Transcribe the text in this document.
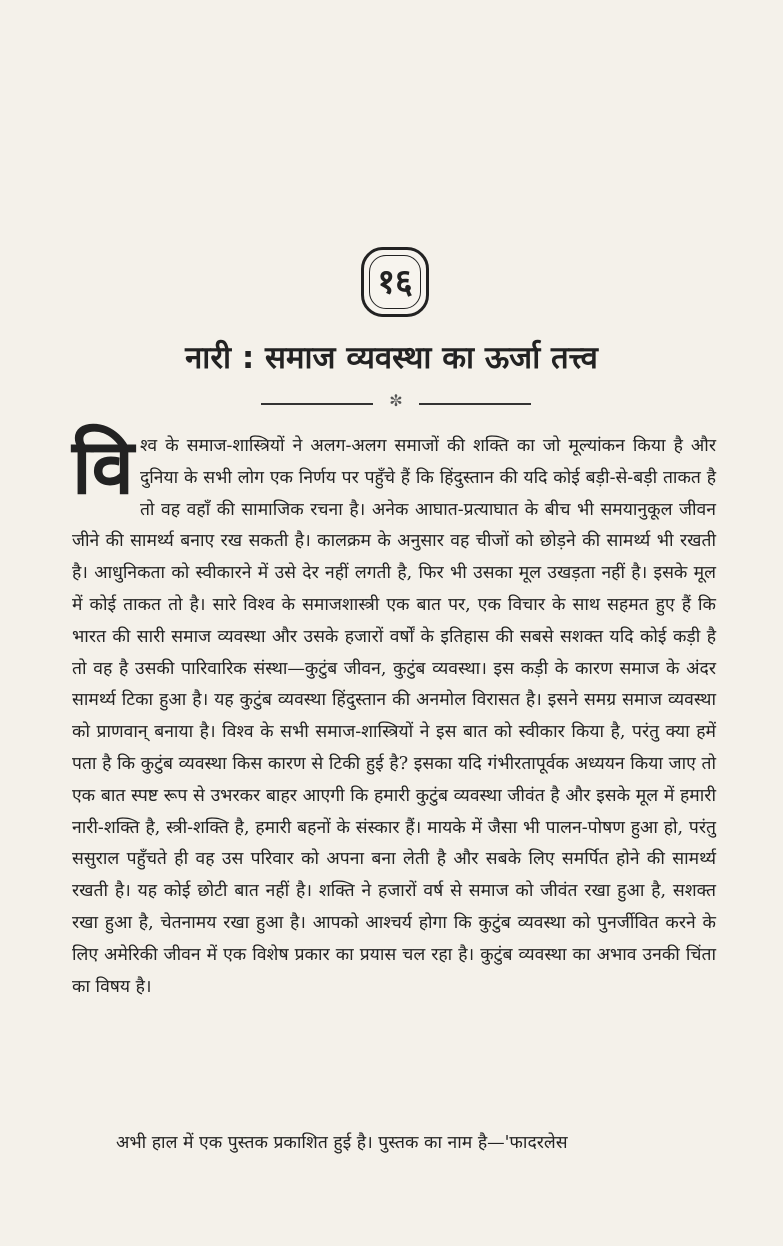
१६
नारी : समाज व्यवस्था का ऊर्जा तत्त्व
✼
विश्व के समाज-शास्त्रियों ने अलग-अलग समाजों की शक्ति का जो मूल्यांकन किया है और दुनिया के सभी लोग एक निर्णय पर पहुँचे हैं कि हिंदुस्तान की यदि कोई बड़ी-से-बड़ी ताकत है तो वह वहाँ की सामाजिक रचना है। अनेक आघात-प्रत्याघात के बीच भी समयानुकूल जीवन जीने की सामर्थ्य बनाए रख सकती है। कालक्रम के अनुसार वह चीजों को छोड़ने की सामर्थ्य भी रखती है। आधुनिकता को स्वीकारने में उसे देर नहीं लगती है, फिर भी उसका मूल उखड़ता नहीं है। इसके मूल में कोई ताकत तो है। सारे विश्व के समाजशास्त्री एक बात पर, एक विचार के साथ सहमत हुए हैं कि भारत की सारी समाज व्यवस्था और उसके हजारों वर्षों के इतिहास की सबसे सशक्त यदि कोई कड़ी है तो वह है उसकी पारिवारिक संस्था—कुटुंब जीवन, कुटुंब व्यवस्था। इस कड़ी के कारण समाज के अंदर सामर्थ्य टिका हुआ है। यह कुटुंब व्यवस्था हिंदुस्तान की अनमोल विरासत है। इसने समग्र समाज व्यवस्था को प्राणवान् बनाया है। विश्व के सभी समाज-शास्त्रियों ने इस बात को स्वीकार किया है, परंतु क्या हमें पता है कि कुटुंब व्यवस्था किस कारण से टिकी हुई है? इसका यदि गंभीरतापूर्वक अध्ययन किया जाए तो एक बात स्पष्ट रूप से उभरकर बाहर आएगी कि हमारी कुटुंब व्यवस्था जीवंत है और इसके मूल में हमारी नारी-शक्ति है, स्त्री-शक्ति है, हमारी बहनों के संस्कार हैं। मायके में जैसा भी पालन-पोषण हुआ हो, परंतु ससुराल पहुँचते ही वह उस परिवार को अपना बना लेती है और सबके लिए समर्पित होने की सामर्थ्य रखती है। यह कोई छोटी बात नहीं है। शक्ति ने हजारों वर्ष से समाज को जीवंत रखा हुआ है, सशक्त रखा हुआ है, चेतनामय रखा हुआ है। आपको आश्चर्य होगा कि कुटुंब व्यवस्था को पुनर्जीवित करने के लिए अमेरिकी जीवन में एक विशेष प्रकार का प्रयास चल रहा है। कुटुंब व्यवस्था का अभाव उनकी चिंता का विषय है।
अभी हाल में एक पुस्तक प्रकाशित हुई है। पुस्तक का नाम है—'फादरलेस
